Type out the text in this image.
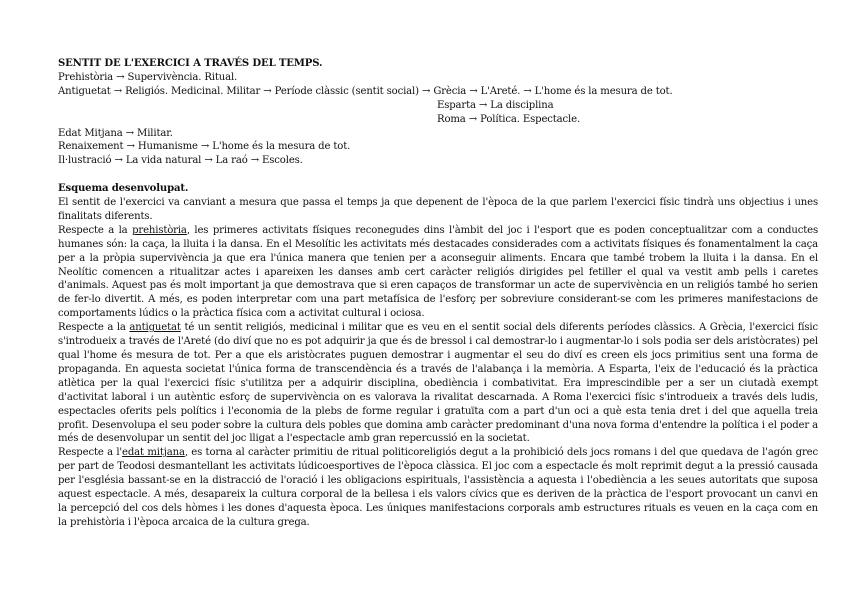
SENTIT DE L'EXERCICI A TRAVÉS DEL TEMPS.
Prehistòria → Supervivència. Ritual.
Antiguetat → Religiós. Medicinal. Militar → Període clàssic (sentit social) → Grècia → L'Areté. → L'home és la mesura de tot.
Esparta → La disciplina
Roma → Política. Espectacle.
Edat Mitjana → Militar.
Renaixement → Humanisme → L'home és la mesura de tot.
Il·lustració → La vida natural → La raó → Escoles.
Esquema desenvolupat.
El sentit de l'exercici va canviant a mesura que passa el temps ja que depenent de l'època de la que parlem l'exercici físic tindrà uns objectius i unes finalitats diferents.
Respecte a la prehistòria, les primeres activitats físiques reconegudes dins l'àmbit del joc i l'esport que es poden conceptualitzar com a conductes humanes són: la caça, la lluita i la dansa. En el Mesolític les activitats més destacades considerades com a activitats físiques és fonamentalment la caça per a la pròpia supervivència ja que era l'única manera que tenien per a aconseguir aliments. Encara que també trobem la lluita i la dansa. En el Neolític comencen a ritualitzar actes i apareixen les danses amb cert caràcter religiós dirigides pel fetiller el qual va vestit amb pells i caretes d'animals. Aquest pas és molt important ja que demostrava que si eren capaços de transformar un acte de supervivència en un religiós també ho serien de fer-lo divertit. A més, es poden interpretar com una part metafísica de l'esforç per sobreviure considerant-se com les primeres manifestacions de comportaments lúdics o la pràctica física com a activitat cultural i ociosa.
Respecte a la antiguetat té un sentit religiós, medicinal i militar que es veu en el sentit social dels diferents períodes clàssics. A Grècia, l'exercici físic s'introdueix a través de l'Areté (do diví que no es pot adquirir ja que és de bressol i cal demostrar-lo i augmentar-lo i sols podia ser dels aristòcrates) pel qual l'home és mesura de tot. Per a que els aristòcrates puguen demostrar i augmentar el seu do diví es creen els jocs primitius sent una forma de propaganda. En aquesta societat l'única forma de transcendència és a través de l'alabança i la memòria. A Esparta, l'eix de l'educació és la pràctica atlètica per la qual l'exercici físic s'utilitza per a adquirir disciplina, obediència i combativitat. Era imprescindible per a ser un ciutadà exempt d'activitat laboral i un autèntic esforç de supervivència on es valorava la rivalitat descarnada. A Roma l'exercici físic s'introdueix a través dels ludis, espectacles oferits pels polítics i l'economia de la plebs de forme regular i gratuïta com a part d'un oci a què esta tenia dret i del que aquella treia profit. Desenvolupa el seu poder sobre la cultura dels pobles que domina amb caràcter predominant d'una nova forma d'entendre la política i el poder a més de desenvolupar un sentit del joc lligat a l'espectacle amb gran repercussió en la societat.
Respecte a l'edat mitjana, es torna al caràcter primitiu de ritual politicoreligiós degut a la prohibició dels jocs romans i del que quedava de l'agón grec per part de Teodosi desmantellant les activitats lúdicoesportives de l'època clàssica. El joc com a espectacle és molt reprimit degut a la pressió causada per l'església bassant-se en la distracció de l'oració i les obligacions espirituals, l'assistència a aquesta i l'obediència a les seues autoritats que suposa aquest espectacle. A més, desapareix la cultura corporal de la bellesa i els valors cívics que es deriven de la pràctica de l'esport provocant un canvi en la percepció del cos dels hòmes i les dones d'aquesta època. Les úniques manifestacions corporals amb estructures rituals es veuen en la caça com en la prehistòria i l'època arcaica de la cultura grega.
